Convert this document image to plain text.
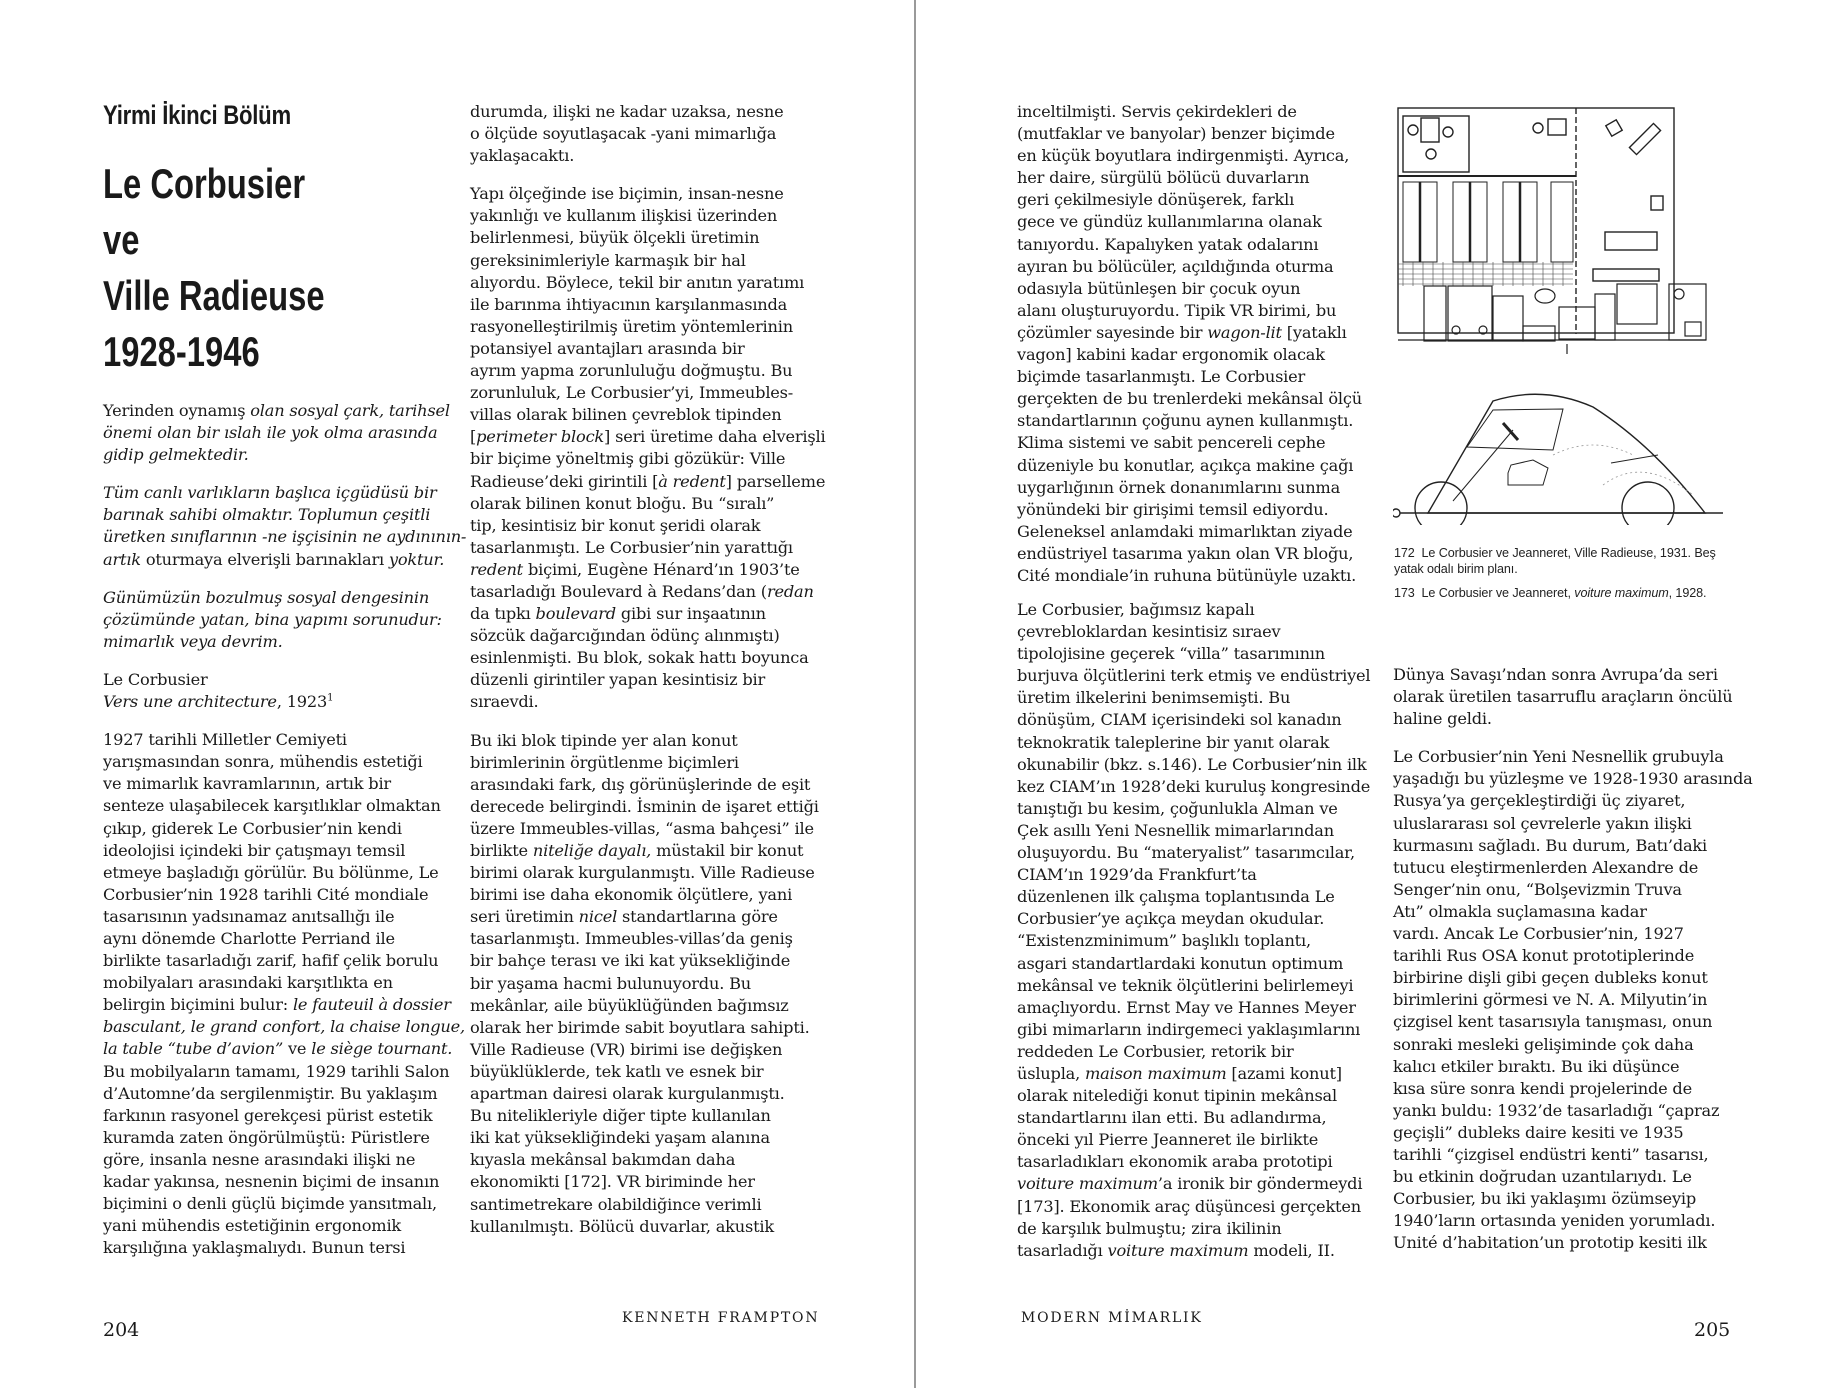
Yirmi İkinci Bölüm
Le Corbusier
ve
Ville Radieuse
1928-1946
Yerinden oynamış olan sosyal çark, tarihsel
önemi olan bir ıslah ile yok olma arasında
gidip gelmektedir.
Tüm canlı varlıkların başlıca içgüdüsü bir
barınak sahibi olmaktır. Toplumun çeşitli
üretken sınıflarının -ne işçisinin ne aydınının-
artık oturmaya elverişli barınakları yoktur.
Günümüzün bozulmuş sosyal dengesinin
çözümünde yatan, bina yapımı sorunudur:
mimarlık veya devrim.
Le Corbusier
Vers une architecture, 1923$^1$
1927 tarihli Milletler Cemiyeti
yarışmasından sonra, mühendis estetiği
ve mimarlık kavramlarının, artık bir
senteze ulaşabilecek karşıtlıklar olmaktan
çıkıp, giderek Le Corbusier’nin kendi
ideolojisi içindeki bir çatışmayı temsil
etmeye başladığı görülür. Bu bölünme, Le
Corbusier’nin 1928 tarihli Cité mondiale
tasarısının yadsınamaz anıtsallığı ile
aynı dönemde Charlotte Perriand ile
birlikte tasarladığı zarif, hafif çelik borulu
mobilyaları arasındaki karşıtlıkta en
belirgin biçimini bulur: le fauteuil à dossier
basculant, le grand confort, la chaise longue,
la table “tube d’avion” ve le siège tournant.
Bu mobilyaların tamamı, 1929 tarihli Salon
d’Automne’da sergilenmiştir. Bu yaklaşım
farkının rasyonel gerekçesi pürist estetik
kuramda zaten öngörülmüştü: Püristlere
göre, insanla nesne arasındaki ilişki ne
kadar yakınsa, nesnenin biçimi de insanın
biçimini o denli güçlü biçimde yansıtmalı,
yani mühendis estetiğinin ergonomik
karşılığına yaklaşmalıydı. Bunun tersi
durumda, ilişki ne kadar uzaksa, nesne
o ölçüde soyutlaşacak -yani mimarlığa
yaklaşacaktı.
Yapı ölçeğinde ise biçimin, insan-nesne
yakınlığı ve kullanım ilişkisi üzerinden
belirlenmesi, büyük ölçekli üretimin
gereksinimleriyle karmaşık bir hal
alıyordu. Böylece, tekil bir anıtın yaratımı
ile barınma ihtiyacının karşılanmasında
rasyonelleştirilmiş üretim yöntemlerinin
potansiyel avantajları arasında bir
ayrım yapma zorunluluğu doğmuştu. Bu
zorunluluk, Le Corbusier’yi, Immeubles-
villas olarak bilinen çevreblok tipinden
[perimeter block] seri üretime daha elverişli
bir biçime yöneltmiş gibi gözükür: Ville
Radieuse’deki girintili [à redent] parselleme
olarak bilinen konut bloğu. Bu “sıralı”
tip, kesintisiz bir konut şeridi olarak
tasarlanmıştı. Le Corbusier’nin yarattığı
redent biçimi, Eugène Hénard’ın 1903’te
tasarladığı Boulevard à Redans’dan (redan
da tıpkı boulevard gibi sur inşaatının
sözcük dağarcığından ödünç alınmıştı)
esinlenmişti. Bu blok, sokak hattı boyunca
düzenli girintiler yapan kesintisiz bir
sıraevdi.
Bu iki blok tipinde yer alan konut
birimlerinin örgütlenme biçimleri
arasındaki fark, dış görünüşlerinde de eşit
derecede belirgindi. İsminin de işaret ettiği
üzere Immeubles-villas, “asma bahçesi” ile
birlikte niteliğe dayalı, müstakil bir konut
birimi olarak kurgulanmıştı. Ville Radieuse
birimi ise daha ekonomik ölçütlere, yani
seri üretimin nicel standartlarına göre
tasarlanmıştı. Immeubles-villas’da geniş
bir bahçe terası ve iki kat yüksekliğinde
bir yaşama hacmi bulunuyordu. Bu
mekânlar, aile büyüklüğünden bağımsız
olarak her birimde sabit boyutlara sahipti.
Ville Radieuse (VR) birimi ise değişken
büyüklüklerde, tek katlı ve esnek bir
apartman dairesi olarak kurgulanmıştı.
Bu nitelikleriyle diğer tipte kullanılan
iki kat yüksekliğindeki yaşam alanına
kıyasla mekânsal bakımdan daha
ekonomikti [172]. VR biriminde her
santimetrekare olabildiğince verimli
kullanılmıştı. Bölücü duvarlar, akustik
204
KENNETH FRAMPTON
inceltilmişti. Servis çekirdekleri de
(mutfaklar ve banyolar) benzer biçimde
en küçük boyutlara indirgenmişti. Ayrıca,
her daire, sürgülü bölücü duvarların
geri çekilmesiyle dönüşerek, farklı
gece ve gündüz kullanımlarına olanak
tanıyordu. Kapalıyken yatak odalarını
ayıran bu bölücüler, açıldığında oturma
odasıyla bütünleşen bir çocuk oyun
alanı oluşturuyordu. Tipik VR birimi, bu
çözümler sayesinde bir wagon-lit [yataklı
vagon] kabini kadar ergonomik olacak
biçimde tasarlanmıştı. Le Corbusier
gerçekten de bu trenlerdeki mekânsal ölçü
standartlarının çoğunu aynen kullanmıştı.
Klima sistemi ve sabit pencereli cephe
düzeniyle bu konutlar, açıkça makine çağı
uygarlığının örnek donanımlarını sunma
yönündeki bir girişimi temsil ediyordu.
Geleneksel anlamdaki mimarlıktan ziyade
endüstriyel tasarıma yakın olan VR bloğu,
Cité mondiale’in ruhuna bütünüyle uzaktı.
Le Corbusier, bağımsız kapalı
çevrebloklardan kesintisiz sıraev
tipolojisine geçerek “villa” tasarımının
burjuva ölçütlerini terk etmiş ve endüstriyel
üretim ilkelerini benimsemişti. Bu
dönüşüm, CIAM içerisindeki sol kanadın
teknokratik taleplerine bir yanıt olarak
okunabilir (bkz. s.146). Le Corbusier’nin ilk
kez CIAM’ın 1928’deki kuruluş kongresinde
tanıştığı bu kesim, çoğunlukla Alman ve
Çek asıllı Yeni Nesnellik mimarlarından
oluşuyordu. Bu “materyalist” tasarımcılar,
CIAM’ın 1929’da Frankfurt’ta
düzenlenen ilk çalışma toplantısında Le
Corbusier’ye açıkça meydan okudular.
“Existenzminimum” başlıklı toplantı,
asgari standartlardaki konutun optimum
mekânsal ve teknik ölçütlerini belirlemeyi
amaçlıyordu. Ernst May ve Hannes Meyer
gibi mimarların indirgemeci yaklaşımlarını
reddeden Le Corbusier, retorik bir
üslupla, maison maximum [azami konut]
olarak nitelediği konut tipinin mekânsal
standartlarını ilan etti. Bu adlandırma,
önceki yıl Pierre Jeanneret ile birlikte
tasarladıkları ekonomik araba prototipi
voiture maximum’a ironik bir göndermeydi
[173]. Ekonomik araç düşüncesi gerçekten
de karşılık bulmuştu; zira ikilinin
tasarladığı voiture maximum modeli, II.
172 Le Corbusier ve Jeanneret, Ville Radieuse, 1931. Beş
yatak odalı birim planı.
173 Le Corbusier ve Jeanneret, voiture maximum, 1928.
Dünya Savaşı’ndan sonra Avrupa’da seri
olarak üretilen tasarruflu araçların öncülü
haline geldi.
Le Corbusier’nin Yeni Nesnellik grubuyla
yaşadığı bu yüzleşme ve 1928-1930 arasında
Rusya’ya gerçekleştirdiği üç ziyaret,
uluslararası sol çevrelerle yakın ilişki
kurmasını sağladı. Bu durum, Batı’daki
tutucu eleştirmenlerden Alexandre de
Senger’nin onu, “Bolşevizmin Truva
Atı” olmakla suçlamasına kadar
vardı. Ancak Le Corbusier’nin, 1927
tarihli Rus OSA konut prototiplerinde
birbirine dişli gibi geçen dubleks konut
birimlerini görmesi ve N. A. Milyutin’in
çizgisel kent tasarısıyla tanışması, onun
sonraki mesleki gelişiminde çok daha
kalıcı etkiler bıraktı. Bu iki düşünce
kısa süre sonra kendi projelerinde de
yankı buldu: 1932’de tasarladığı “çapraz
geçişli” dubleks daire kesiti ve 1935
tarihli “çizgisel endüstri kenti” tasarısı,
bu etkinin doğrudan uzantılarıydı. Le
Corbusier, bu iki yaklaşımı özümseyip
1940’ların ortasında yeniden yorumladı.
Unité d’habitation’un prototip kesiti ilk
MODERN MİMARLIK
205
